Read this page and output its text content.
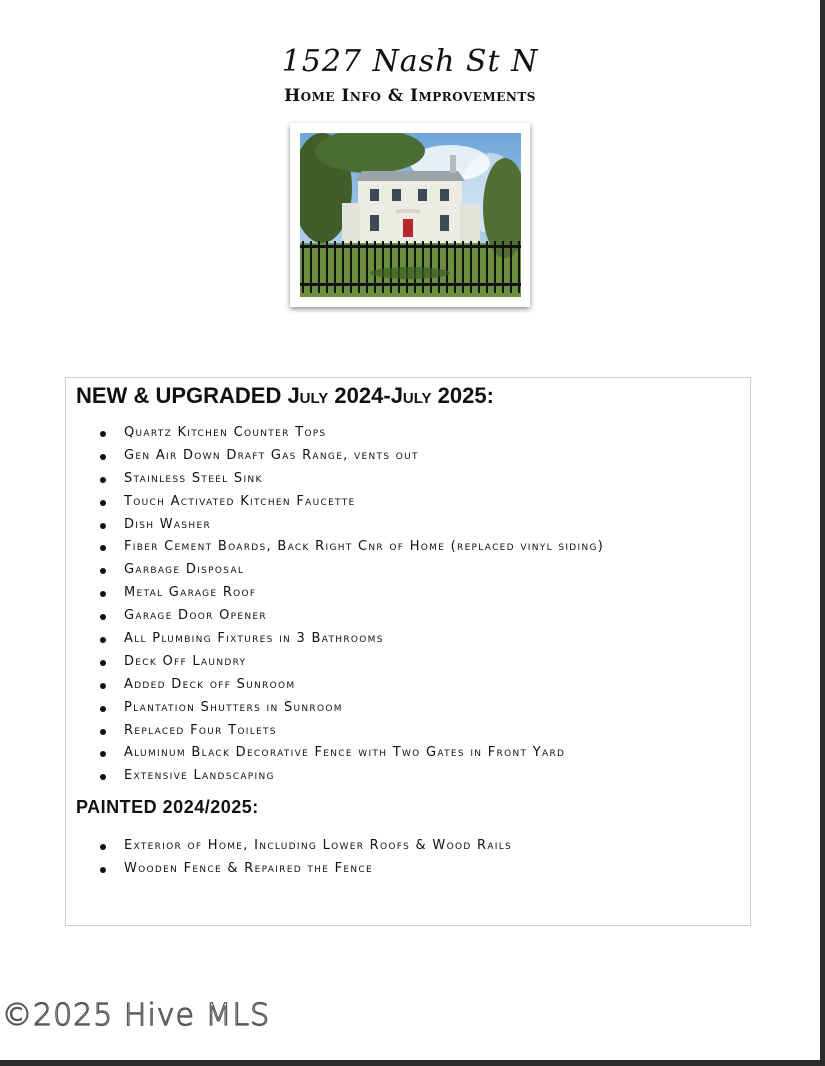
1527 Nash St N
Home Info & Improvements
NEW & UPGRADED July 2024-July 2025:
Quartz Kitchen Counter Tops
Gen Air Down Draft Gas Range, vents out
Stainless Steel Sink
Touch Activated Kitchen Faucette
Dish Washer
Fiber Cement Boards, Back Right Cnr of Home (replaced vinyl siding)
Garbage Disposal
Metal Garage Roof
Garage Door Opener
All Plumbing Fixtures in 3 Bathrooms
Deck Off Laundry
Added Deck off Sunroom
Plantation Shutters in Sunroom
Replaced Four Toilets
Aluminum Black Decorative Fence with Two Gates in Front Yard
Extensive Landscaping
PAINTED 2024/2025:
Exterior of Home, Including Lower Roofs & Wood Rails
Wooden Fence & Repaired the Fence
©2025 Hive MLS
